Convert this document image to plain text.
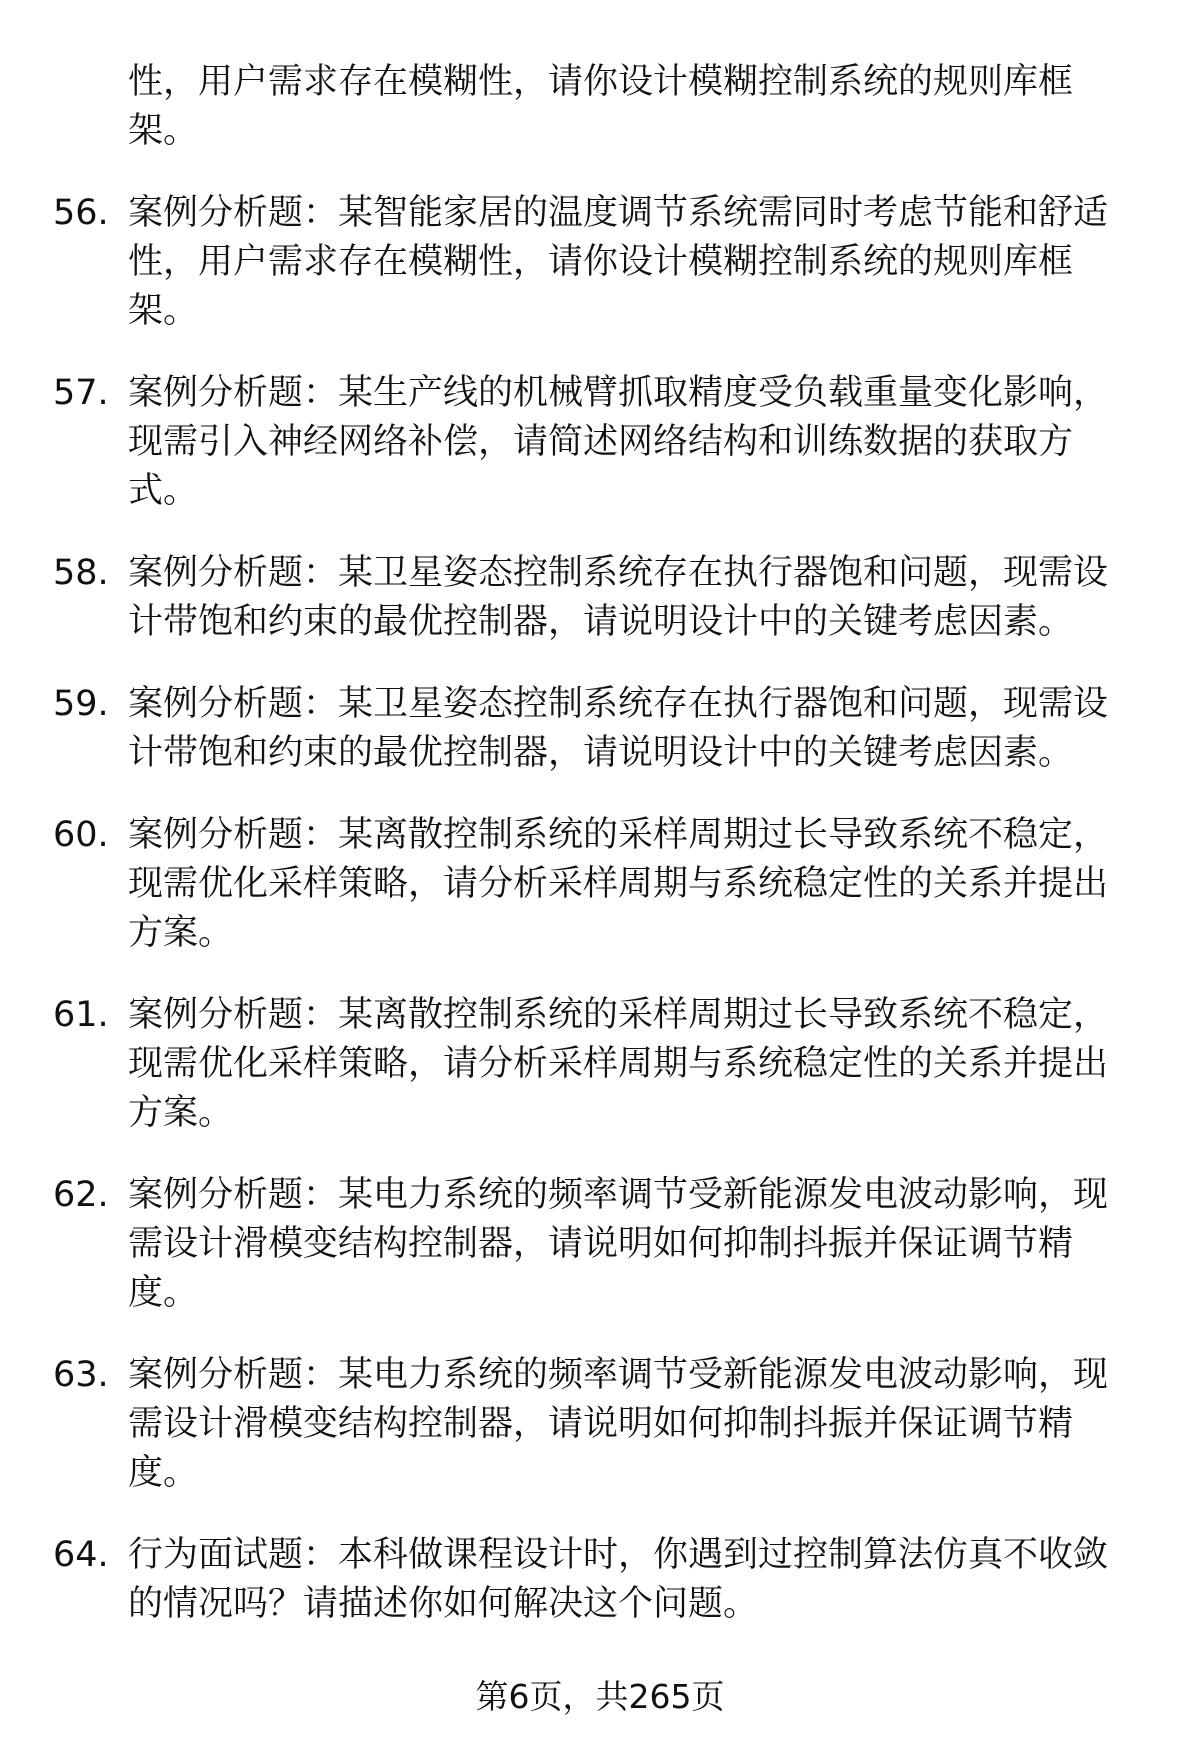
性，用户需求存在模糊性，请你设计模糊控制系统的规则库框架。
56. 案例分析题：某智能家居的温度调节系统需同时考虑节能和舒适性，用户需求存在模糊性，请你设计模糊控制系统的规则库框架。
57. 案例分析题：某生产线的机械臂抓取精度受负载重量变化影响，现需引入神经网络补偿，请简述网络结构和训练数据的获取方式。
58. 案例分析题：某卫星姿态控制系统存在执行器饱和问题，现需设计带饱和约束的最优控制器，请说明设计中的关键考虑因素。
59. 案例分析题：某卫星姿态控制系统存在执行器饱和问题，现需设计带饱和约束的最优控制器，请说明设计中的关键考虑因素。
60. 案例分析题：某离散控制系统的采样周期过长导致系统不稳定，现需优化采样策略，请分析采样周期与系统稳定性的关系并提出方案。
61. 案例分析题：某离散控制系统的采样周期过长导致系统不稳定，现需优化采样策略，请分析采样周期与系统稳定性的关系并提出方案。
62. 案例分析题：某电力系统的频率调节受新能源发电波动影响，现需设计滑模变结构控制器，请说明如何抑制抖振并保证调节精度。
63. 案例分析题：某电力系统的频率调节受新能源发电波动影响，现需设计滑模变结构控制器，请说明如何抑制抖振并保证调节精度。
64. 行为面试题：本科做课程设计时，你遇到过控制算法仿真不收敛的情况吗？请描述你如何解决这个问题。
第6页，共265页
